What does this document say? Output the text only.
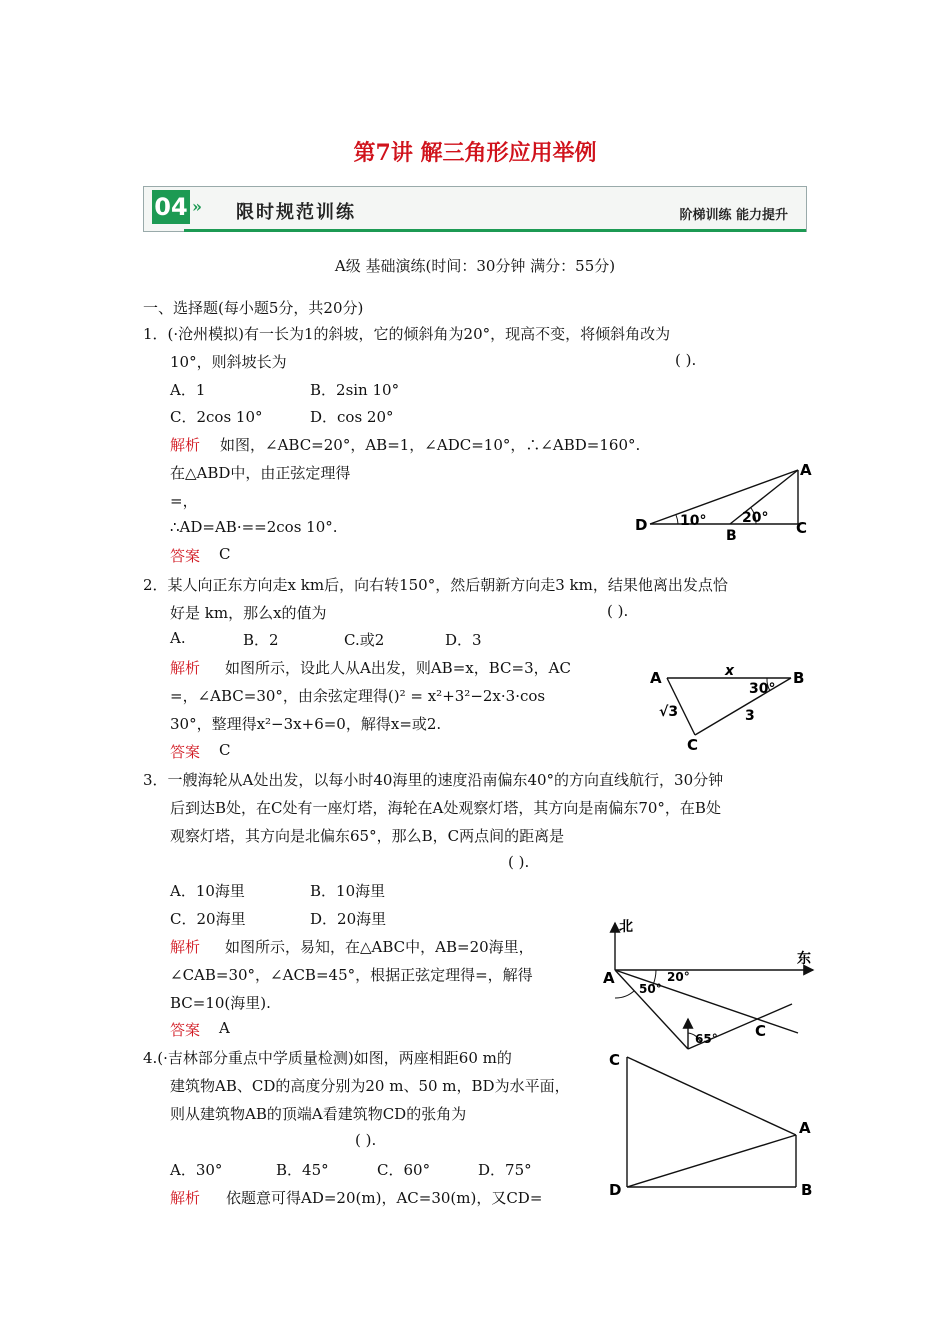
第7讲 解三角形应用举例
04 » 限时规范训练	阶梯训练 能力提升
A级 基础演练(时间：30分钟 满分：55分)
一、选择题(每小题5分，共20分)
1．(·沧州模拟)有一长为1的斜坡，它的倾斜角为20°，现高不变，将倾斜角改为
10°，则斜坡长为	( ).
A．1	B．2sin 10°
C．2cos 10°	D．cos 20°
解析 如图，∠ABC=20°，AB=1，∠ADC=10°，∴∠ABD=160°.
在△ABD中，由正弦定理得
=，
∴AD=AB·==2cos 10°.
答案 C
A
B	C
D 10°	20°
2．某人向正东方向走x km后，向右转150°，然后朝新方向走3 km，结果他离出发点恰
好是 km，那么x的值为	( ).
A.	B．2	C.或2	D．3
解析 如图所示，设此人从A出发，则AB=x，BC=3，AC
=，∠ABC=30°，由余弦定理得()² = x²+3²−2x·3·cos
30°，整理得x²−3x+6=0，解得x=或2.
答案 C
A	B
C
x
30°
3
√3
3．一艘海轮从A处出发，以每小时40海里的速度沿南偏东40°的方向直线航行，30分钟
后到达B处，在C处有一座灯塔，海轮在A处观察灯塔，其方向是南偏东70°，在B处
观察灯塔，其方向是北偏东65°，那么B，C两点间的距离是
( ).
A．10海里	B．10海里
C．20海里	D．20海里
解析 如图所示，易知，在△ABC中，AB=20海里，
∠CAB=30°，∠ACB=45°，根据正弦定理得=，解得
BC=10(海里).
答案 A
北
东
A
C
20°
50°
65°
4.(·吉林部分重点中学质量检测)如图，两座相距60 m的
建筑物AB、CD的高度分别为20 m、50 m，BD为水平面，
则从建筑物AB的顶端A看建筑物CD的张角为
( ).
A．30°	B．45°	C．60°	D．75°
解析 依题意可得AD=20(m)，AC=30(m)，又CD=
C
D
A
B
